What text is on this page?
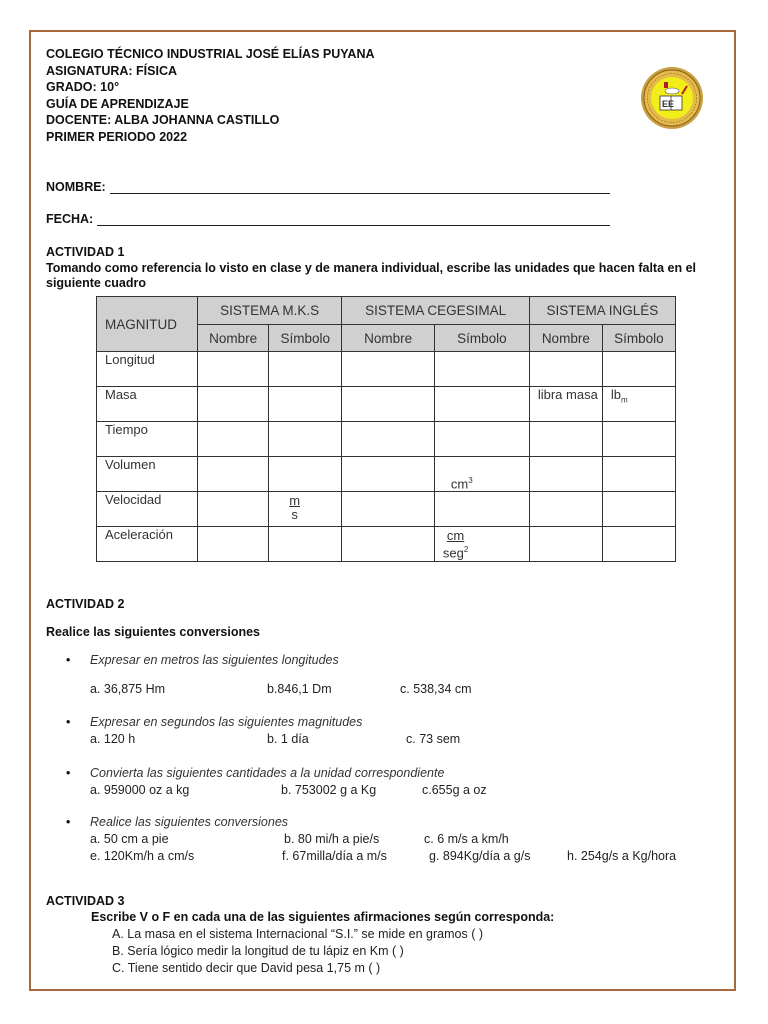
COLEGIO TÉCNICO INDUSTRIAL JOSÉ ELÍAS PUYANA
ASIGNATURA: FÍSICA
GRADO: 10°
GUÍA DE APRENDIZAJE
DOCENTE: ALBA JOHANNA CASTILLO
PRIMER PERIODO 2022
EE
NOMBRE:
FECHA:
ACTIVIDAD 1
Tomando como referencia lo visto en clase y de manera individual, escribe las unidades que hacen falta en el siguiente cuadro
MAGNITUD	SISTEMA M.K.S		SISTEMA CEGESIMAL		SISTEMA INGLÉS	
	Nombre	Símbolo	Nombre	Símbolo	Nombre	Símbolo
Longitud						
Masa					libra masa	$lb_m$
Tiempo						
Volumen				$cm^3$		
Velocidad		$\frac{m}{s}$

Aceleración				$\frac{cm}{seg^2}$

ACTIVIDAD 2
Realice las siguientes conversiones
• Expresar en metros las siguientes longitudes
a. 36,875 Hm	b.846,1 Dm	c. 538,34 cm
• Expresar en segundos las siguientes magnitudes
a. 120 h	b. 1 día	c. 73 sem
• Convierta las siguientes cantidades a la unidad correspondiente
a. 959000 oz a kg	b. 753002 g a Kg	c.655g a oz
• Realice las siguientes conversiones
a. 50 cm a pie	b. 80 mi/h a pie/s	c. 6 m/s a km/h
e. 120Km/h a cm/s	f. 67milla/día a m/s	g. 894Kg/día a g/s	h. 254g/s a Kg/hora
ACTIVIDAD 3
Escribe V o F en cada una de las siguientes afirmaciones según corresponda:
A. La masa en el sistema Internacional “S.I.” se mide en gramos ( )
B. Sería lógico medir la longitud de tu lápiz en Km ( )
C. Tiene sentido decir que David pesa 1,75 m ( )
